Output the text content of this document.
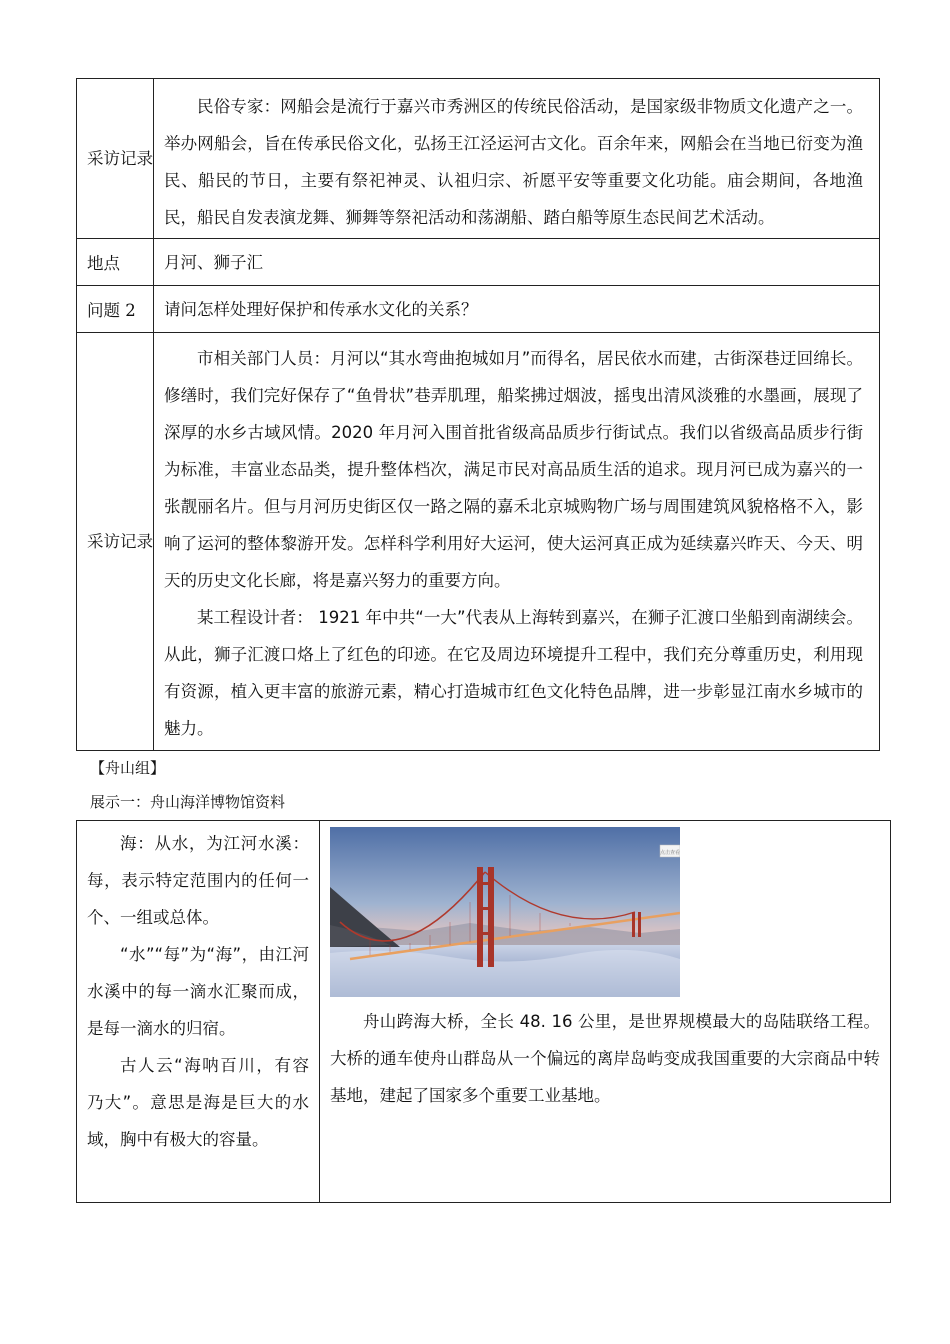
采访记录	民俗专家：网船会是流行于嘉兴市秀洲区的传统民俗活动，是国家级非物质文化遗产之一。举办网船会，旨在传承民俗文化，弘扬王江泾运河古文化。百余年来，网船会在当地已衍变为渔民、船民的节日，主要有祭祀神灵、认祖归宗、祈愿平安等重要文化功能。庙会期间，各地渔民，船民自发表演龙舞、狮舞等祭祀活动和荡湖船、踏白船等原生态民间艺术活动。

地点	月河、狮子汇
问题 2	请问怎样处理好保护和传承水文化的关系？
采访记录	市相关部门人员：月河以“其水弯曲抱城如月”而得名，居民依水而建，古街深巷迂回绵长。修缮时，我们完好保存了“鱼骨状”巷弄肌理，船桨拂过烟波，摇曳出清风淡雅的水墨画，展现了深厚的水乡古域风情。2020 年月河入围首批省级高品质步行街试点。我们以省级高品质步行街为标准，丰富业态品类，提升整体档次，满足市民对高品质生活的追求。现月河已成为嘉兴的一张靓丽名片。但与月河历史街区仅一路之隔的嘉禾北京城购物广场与周围建筑风貌格格不入，影响了运河的整体黎游开发。怎样科学利用好大运河，使大运河真正成为延续嘉兴昨天、今天、明天的历史文化长廊，将是嘉兴努力的重要方向。

某工程设计者： 1921 年中共“一大”代表从上海转到嘉兴，在狮子汇渡口坐船到南湖续会。从此，狮子汇渡口烙上了红色的印迹。在它及周边环境提升工程中，我们充分尊重历史，利用现有资源，植入更丰富的旅游元素，精心打造城市红色文化特色品牌，进一步彰显江南水乡城市的魅力。

【舟山组】
展示一：舟山海洋博物馆资料

海：从水，为江河水溪：每，表示特定范围内的任何一个、一组或总体。

“水”“每”为“海”，由江河水溪中的每一滴水汇聚而成，是每一滴水的归宿。

古人云“海呐百川，有容乃大”。意思是海是巨大的水域，胸中有极大的容量。

点击查看

舟山跨海大桥，全长 48. 16 公里，是世界规模最大的岛陆联络工程。大桥的通车使舟山群岛从一个偏远的离岸岛屿变成我国重要的大宗商品中转基地，建起了国家多个重要工业基地。
